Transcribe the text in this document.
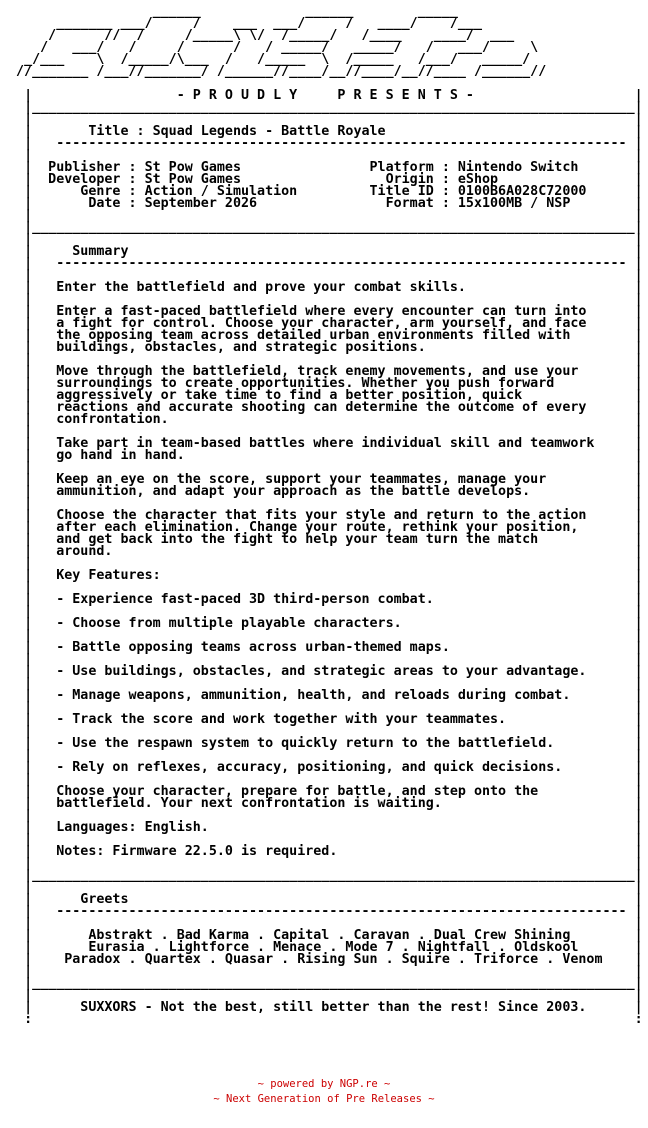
______             ______        _____
_______ ___/     /    ___  ___/     /   ____/    /___
/      //  /     /_____\ \/  /_____/   /____    ____/  ___
/   ___/   /     /      /   / _____/   _____/   /   ___/     \
_/___    \  /_____/\___  /   /_____  \  /_____   /___/   _____/
//_______ /___//_______/ /______//____/__//____/__//____ /______//

|                  - P R O U D L Y     P R E S E N T S -                    |
|___________________________________________________________________________|
|                                                                           |
|       Title : Squad Legends - Battle Royale                               |
|   ----------------------------------------------------------------------- |
|                                                                           |
|  Publisher : St Pow Games                Platform : Nintendo Switch       |
|  Developer : St Pow Games                  Origin : eShop                 |
|      Genre : Action / Simulation         Title ID : 0100B6A028C72000      |
|       Date : September 2026                Format : 15x100MB / NSP        |
|                                                                           |
|___________________________________________________________________________|
|                                                                           |
|     Summary                                                               |
|   ----------------------------------------------------------------------- |
|                                                                           |
|   Enter the battlefield and prove your combat skills.                     |
|                                                                           |
|   Enter a fast-paced battlefield where every encounter can turn into      |
|   a fight for control. Choose your character, arm yourself, and face      |
|   the opposing team across detailed urban environments filled with        |
|   buildings, obstacles, and strategic positions.                          |
|                                                                           |
|   Move through the battlefield, track enemy movements, and use your       |
|   surroundings to create opportunities. Whether you push forward          |
|   aggressively or take time to find a better position, quick              |
|   reactions and accurate shooting can determine the outcome of every      |
|   confrontation.                                                          |
|                                                                           |
|   Take part in team-based battles where individual skill and teamwork     |
|   go hand in hand.                                                        |
|                                                                           |
|   Keep an eye on the score, support your teammates, manage your           |
|   ammunition, and adapt your approach as the battle develops.             |
|                                                                           |
|   Choose the character that fits your style and return to the action      |
|   after each elimination. Change your route, rethink your position,       |
|   and get back into the fight to help your team turn the match            |
|   around.                                                                 |
|                                                                           |
|   Key Features:                                                           |
|                                                                           |
|   - Experience fast-paced 3D third-person combat.                         |
|                                                                           |
|   - Choose from multiple playable characters.                             |
|                                                                           |
|   - Battle opposing teams across urban-themed maps.                       |
|                                                                           |
|   - Use buildings, obstacles, and strategic areas to your advantage.      |
|                                                                           |
|   - Manage weapons, ammunition, health, and reloads during combat.        |
|                                                                           |
|   - Track the score and work together with your teammates.                |
|                                                                           |
|   - Use the respawn system to quickly return to the battlefield.          |
|                                                                           |
|   - Rely on reflexes, accuracy, positioning, and quick decisions.         |
|                                                                           |
|   Choose your character, prepare for battle, and step onto the            |
|   battlefield. Your next confrontation is waiting.                        |
|                                                                           |
|   Languages: English.                                                     |
|                                                                           |
|   Notes: Firmware 22.5.0 is required.                                     |
|                                                                           |
|___________________________________________________________________________|
|                                                                           |
|      Greets                                                               |
|   ----------------------------------------------------------------------- |
|                                                                           |
|       Abstrakt . Bad Karma . Capital . Caravan . Dual Crew Shining        |
|       Eurasia . Lightforce . Menace . Mode 7 . Nightfall . Oldskool       |
|    Paradox . Quartex . Quasar . Rising Sun . Squire . Triforce . Venom    |
|                                                                           |
|___________________________________________________________________________|
|                                                                           |
|      SUXXORS - Not the best, still better than the rest! Since 2003.      |
:                                                                           :

~ powered by NGP.re ~
~ Next Generation of Pre Releases ~
